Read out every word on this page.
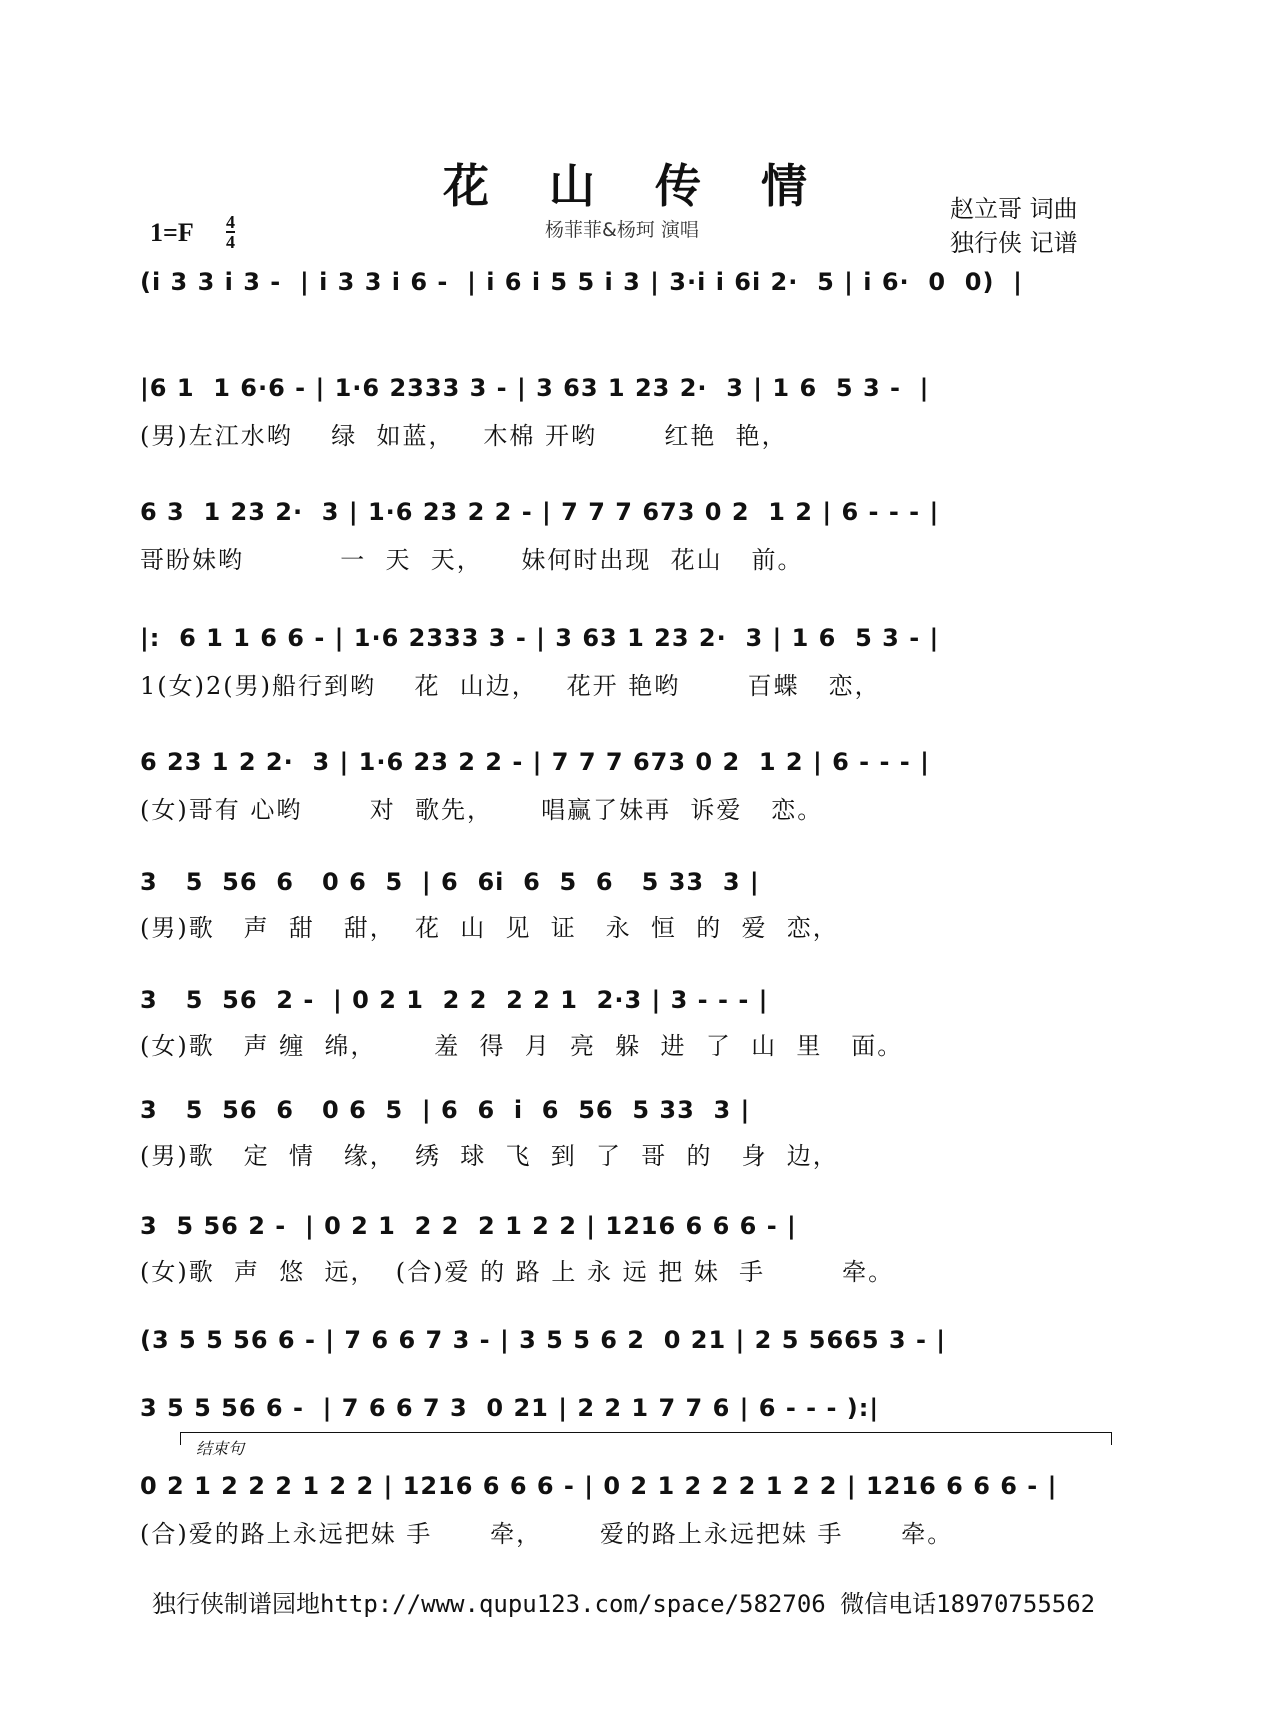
花 山 传 情
1=F 4
4
杨菲菲&杨珂 演唱
赵立哥 词曲
独行侠 记谱
(i 3 3 i 3 -  | i 3 3 i 6 -  | i 6 i 5 5 i 3 | 3·i i 6i 2·  5 | i 6·  0  0)  |
|6 1  1 6·6 - | 1·6 2333 3 - | 3 63 1 23 2·  3 | 1 6  5 3 -  |
(男)左江水哟    绿  如蓝，   木棉 开哟       红艳  艳，
6 3  1 23 2·  3 | 1·6 23 2 2 - | 7 7 7 673 0 2  1 2 | 6 - - - |
哥盼妹哟          一  天  天，    妹何时出现  花山   前。
|:  6 1 1 6 6 - | 1·6 2333 3 - | 3 63 1 23 2·  3 | 1 6  5 3 - |
1(女)2(男)船行到哟    花  山边，   花开 艳哟       百蝶   恋，
6 23 1 2 2·  3 | 1·6 23 2 2 - | 7 7 7 673 0 2  1 2 | 6 - - - |
(女)哥有 心哟       对  歌先，     唱赢了妹再  诉爱   恋。
3   5  56  6   0 6  5  | 6  6i  6  5  6   5 33  3 |
(男)歌   声  甜   甜，  花  山  见  证   永  恒  的  爱  恋，
3   5  56  2 -  | 0 2 1  2 2  2 2 1  2·3 | 3 - - - |
(女)歌   声 缠  绵，      羞  得  月  亮  躲  进  了  山  里   面。
3   5  56  6   0 6  5  | 6  6  i  6  56  5 33  3 |
(男)歌   定  情   缘，  绣  球  飞  到  了  哥  的   身  边，
3  5 56 2 -  | 0 2 1  2 2  2 1 2 2 | 1216 6 6 6 - |
(女)歌  声  悠  远，  (合)爱 的 路 上 永 远 把 妹  手        牵。
(3 5 5 56 6 - | 7 6 6 7 3 - | 3 5 5 6 2  0 21 | 2 5 5665 3 - |
3 5 5 56 6 -  | 7 6 6 7 3  0 21 | 2 2 1 7 7 6 | 6 - - - ):|
结束句
0 2 1 2 2 2 1 2 2 | 1216 6 6 6 - | 0 2 1 2 2 2 1 2 2 | 1216 6 6 6 - |
(合)爱的路上永远把妹 手      牵，      爱的路上永远把妹 手      牵。
独行侠制谱园地http://www.qupu123.com/space/582706 微信电话18970755562
